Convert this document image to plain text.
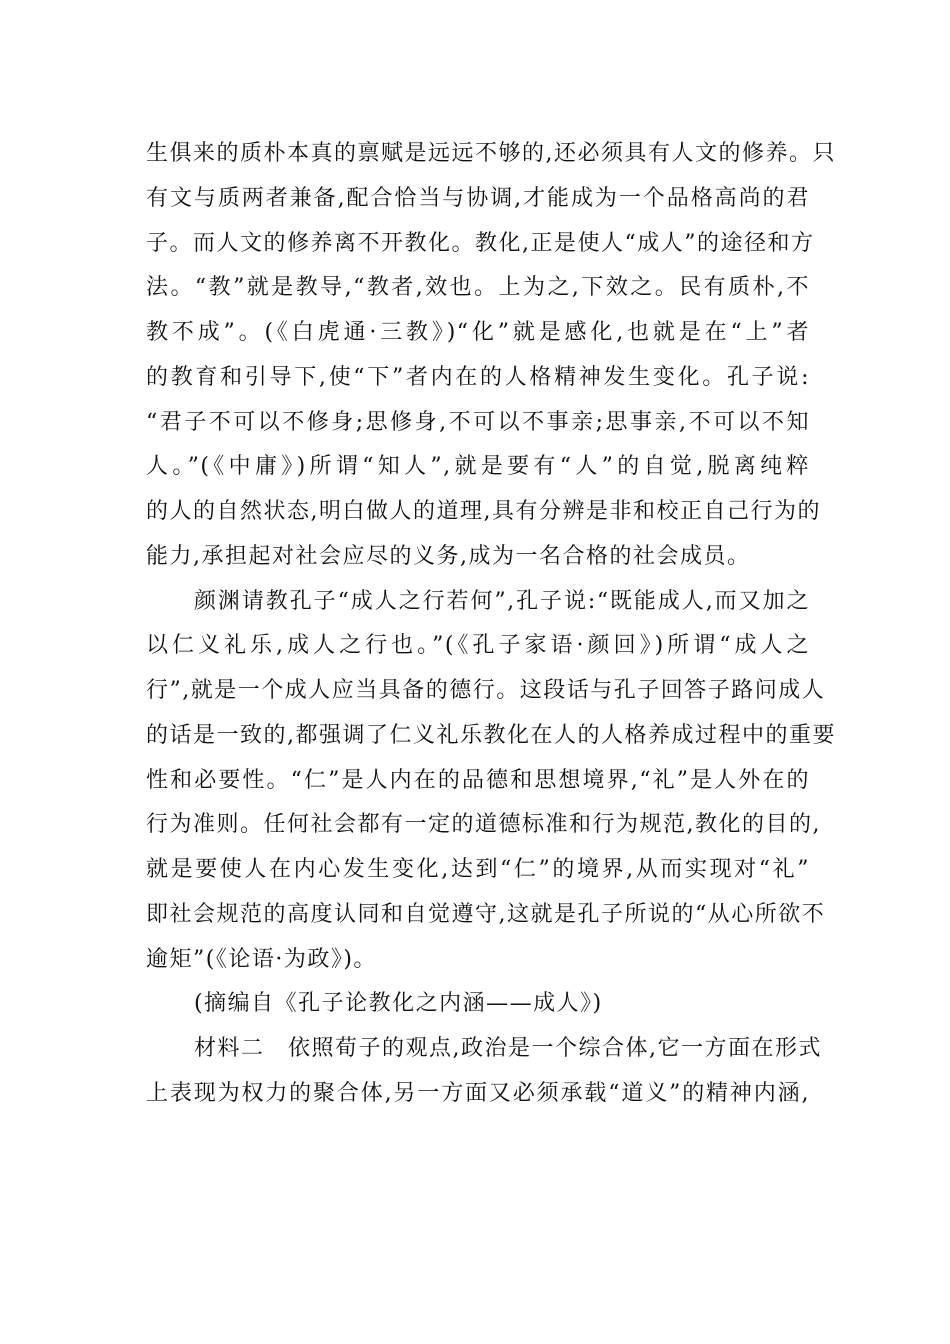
生俱来的质朴本真的禀赋是远远不够的,还必须具有人文的修养。只
有文与质两者兼备,配合恰当与协调,才能成为一个品格高尚的君
子。而人文的修养离不开教化。教化,正是使人“成人”的途径和方
法。“教”就是教导,“教者,效也。上为之,下效之。民有质朴,不
教不成”。(《白虎通·三教》)“化”就是感化,也就是在“上”者
的教育和引导下,使“下”者内在的人格精神发生变化。孔子说:
“君子不可以不修身;思修身,不可以不事亲;思事亲,不可以不知
人。”(《中庸》)所谓“知人”,就是要有“人”的自觉,脱离纯粹
的人的自然状态,明白做人的道理,具有分辨是非和校正自己行为的
能力,承担起对社会应尽的义务,成为一名合格的社会成员。
颜渊请教孔子“成人之行若何”,孔子说:“既能成人,而又加之
以仁义礼乐,成人之行也。”(《孔子家语·颜回》)所谓“成人之
行”,就是一个成人应当具备的德行。这段话与孔子回答子路问成人
的话是一致的,都强调了仁义礼乐教化在人的人格养成过程中的重要
性和必要性。“仁”是人内在的品德和思想境界,“礼”是人外在的
行为准则。任何社会都有一定的道德标准和行为规范,教化的目的,
就是要使人在内心发生变化,达到“仁”的境界,从而实现对“礼”
即社会规范的高度认同和自觉遵守,这就是孔子所说的“从心所欲不
逾矩”(《论语·为政》)。
(摘编自《孔子论教化之内涵——成人》)
材料二　依照荀子的观点,政治是一个综合体,它一方面在形式
上表现为权力的聚合体,另一方面又必须承载“道义”的精神内涵,
